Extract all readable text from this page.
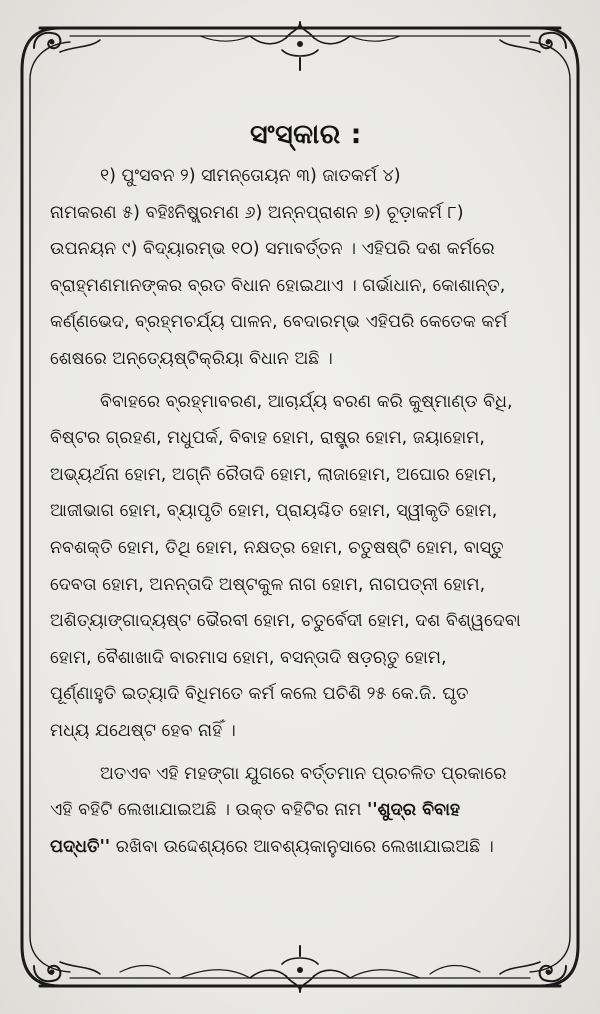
ସଂସ୍କାର :
୧) ପୁଂସବନ ୨) ସୀମନ୍ତୋୟନ ୩) ଜାତକର୍ମ ୪)
ନାମକରଣ ୫) ବହିଃନିଷ୍କ୍ରମଣ ୬) ଅନ୍ନପ୍ରାଶନ ୭) ଚୂଡ଼ାକର୍ମ ୮)
ଉପନୟନ ୯) ବିଦ୍ୟାରମ୍ଭ ୧୦) ସମାବର୍ତ୍ତନ । ଏହିପରି ଦଶ କର୍ମରେ
ବ୍ରାହ୍ମଣମାନଙ୍କର ବ୍ରତ ବିଧାନ ହୋଇଥାଏ । ଗର୍ଭାଧାନ, କୋଶାନ୍ତ,
କର୍ଣ୍ଣଭେଦ, ବ୍ରହ୍ମଚର୍ଯ୍ୟ ପାଳନ, ବେଦାରମ୍ଭ ଏହିପରି କେତେକ କର୍ମ
ଶେଷରେ ଅନ୍ତ୍ୟେଷ୍ଟିକ୍ରିୟା ବିଧାନ ଅଛି ।
ବିବାହରେ ବ୍ରହ୍ମାବରଣ, ଆଚାର୍ଯ୍ୟ ବରଣ କରି କୁଷ୍ମାଣ୍ଡ ବିଧି,
ବିଷ୍ଟର ଗ୍ରହଣ, ମଧୁପର୍କ, ବିବାହ ହୋମ, ରାଷ୍ଟ୍ର ହୋମ, ଜୟାହୋମ,
ଅଭ୍ୟର୍ଥନା ହୋମ, ଅଗ୍ନି ରୈତାଦି ହୋମ, ଲାଜାହୋମ, ଅଘୋର ହୋମ,
ଆଜୀଭାଗ ହୋମ, ବ୍ୟାପୃତି ହୋମ, ପ୍ରାୟଶ୍ଚିତ ହୋମ, ସ୍ୱୀକୃତି ହୋମ,
ନବଶକ୍ତି ହୋମ, ତିଥି ହୋମ, ନକ୍ଷତ୍ର ହୋମ, ଚତୁଷଷ୍ଟି ହୋମ, ବାସ୍ତୁ
ଦେବତା ହୋମ, ଅନନ୍ତାଦି ଅଷ୍ଟକୁଳ ନାଗ ହୋମ, ନାଗପତ୍ନୀ ହୋମ,
ଅଶିତ୍ୟାଙ୍ଗାଦ୍ୟଷ୍ଟ ଭୈରବୀ ହୋମ, ଚତୁର୍ବେଦୀ ହୋମ, ଦଶ ବିଶ୍ୱଦେବା
ହୋମ, ବୈଶାଖାଦି ବାରମାସ ହୋମ, ବସନ୍ତାଦି ଷଡ଼ଋତୁ ହୋମ,
ପୂର୍ଣ୍ଣାହୁତି ଇତ୍ୟାଦି ବିଧିମତେ କର୍ମ କଲେ ପଚିଶି ୨୫ କେ.ଜି. ଘୃତ
ମଧ୍ୟ ଯଥେଷ୍ଟ ହେବ ନାହିଁ ।
ଅତଏବ ଏହି ମହଙ୍ଗା ଯୁଗରେ ବର୍ତ୍ତମାନ ପ୍ରଚଳିତ ପ୍ରକାରେ
ଏହି ବହିଟି ଲେଖାଯାଇଅଛି । ଉକ୍ତ ବହିଟିର ନାମ ''ଶୁଦ୍ର ବିବାହ
ପଦ୍ଧତି'' ରଖିବା ଉଦ୍ଦେଶ୍ୟରେ ଆବଶ୍ୟକାନୁସାରେ ଲେଖାଯାଇଅଛି ।
